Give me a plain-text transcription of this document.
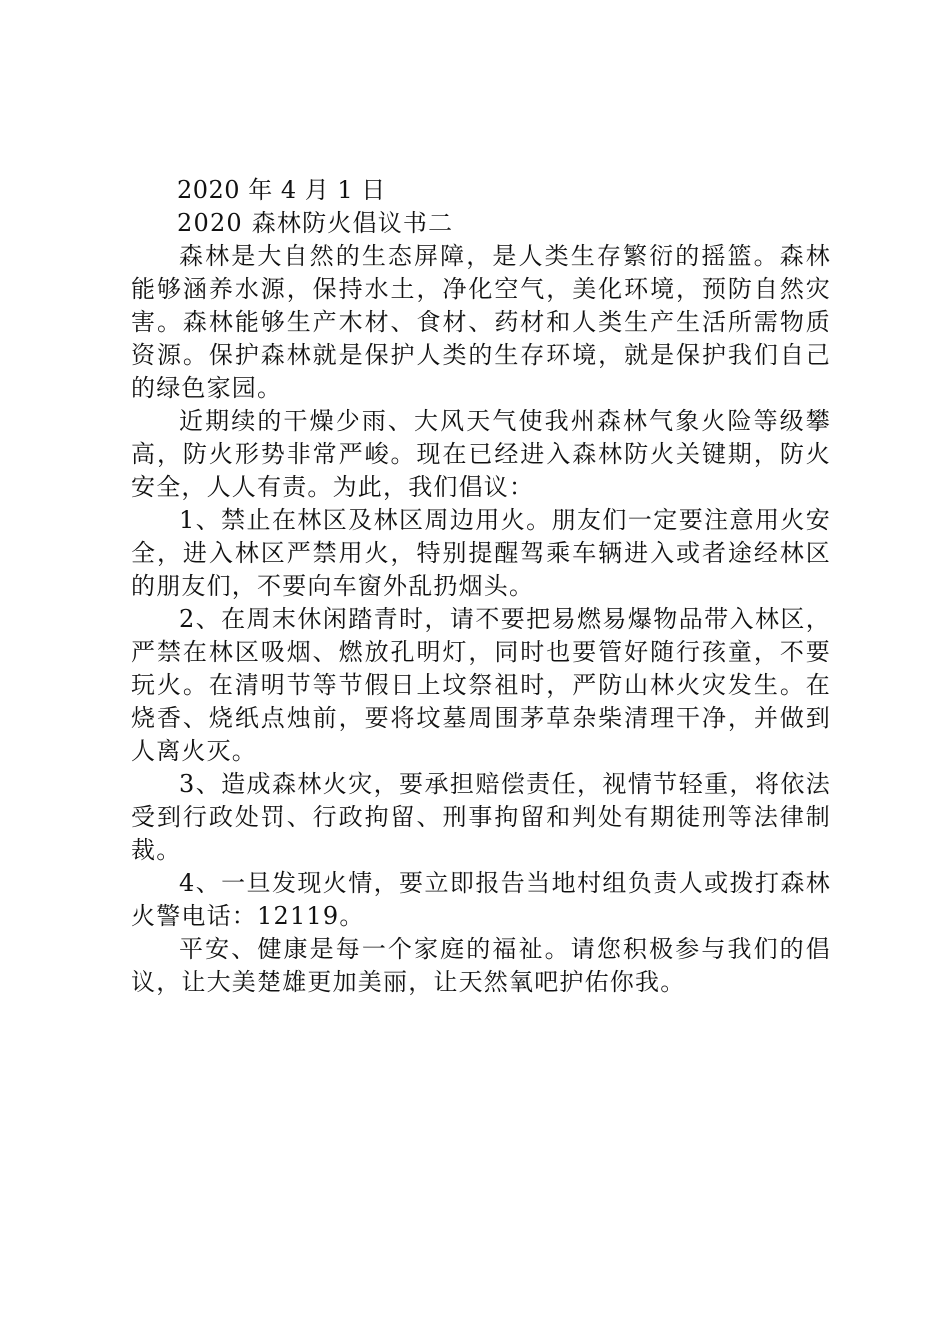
2020 年 4 月 1 日

2020 森林防火倡议书二

森林是大自然的生态屏障，是人类生存繁衍的摇篮。森林能够涵养水源，保持水土，净化空气，美化环境，预防自然灾害。森林能够生产木材、食材、药材和人类生产生活所需物质资源。保护森林就是保护人类的生存环境，就是保护我们自己的绿色家园。

近期续的干燥少雨、大风天气使我州森林气象火险等级攀高，防火形势非常严峻。现在已经进入森林防火关键期，防火安全，人人有责。为此，我们倡议：

1、禁止在林区及林区周边用火。朋友们一定要注意用火安全，进入林区严禁用火，特别提醒驾乘车辆进入或者途经林区的朋友们，不要向车窗外乱扔烟头。

2、在周末休闲踏青时，请不要把易燃易爆物品带入林区，严禁在林区吸烟、燃放孔明灯，同时也要管好随行孩童，不要玩火。在清明节等节假日上坟祭祖时，严防山林火灾发生。在烧香、烧纸点烛前，要将坟墓周围茅草杂柴清理干净，并做到人离火灭。

3、造成森林火灾，要承担赔偿责任，视情节轻重，将依法受到行政处罚、行政拘留、刑事拘留和判处有期徒刑等法律制裁。

4、一旦发现火情，要立即报告当地村组负责人或拨打森林火警电话：12119。

平安、健康是每一个家庭的福祉。请您积极参与我们的倡议，让大美楚雄更加美丽，让天然氧吧护佑你我。
